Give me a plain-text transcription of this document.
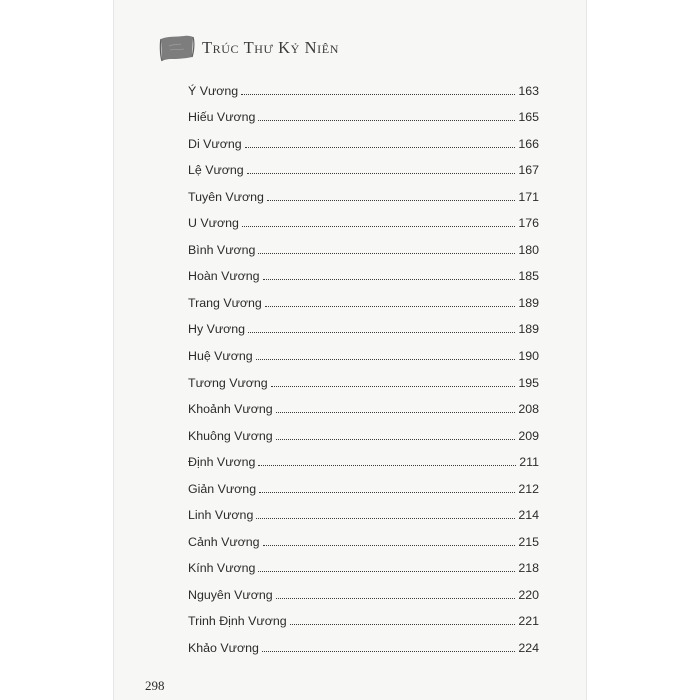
Trúc Thư Kỷ Niên
Ý Vương	163
Hiếu Vương	165
Di Vương	166
Lệ Vương	167
Tuyên Vương	171
U Vương	176
Bình Vương	180
Hoàn Vương	185
Trang Vương	189
Hy Vương	189
Huệ Vương	190
Tương Vương	195
Khoảnh Vương	208
Khuông Vương	209
Định Vương	211
Giản Vương	212
Linh Vương	214
Cảnh Vương	215
Kính Vương	218
Nguyên Vương	220
Trinh Định Vương	221
Khảo Vương	224
298
